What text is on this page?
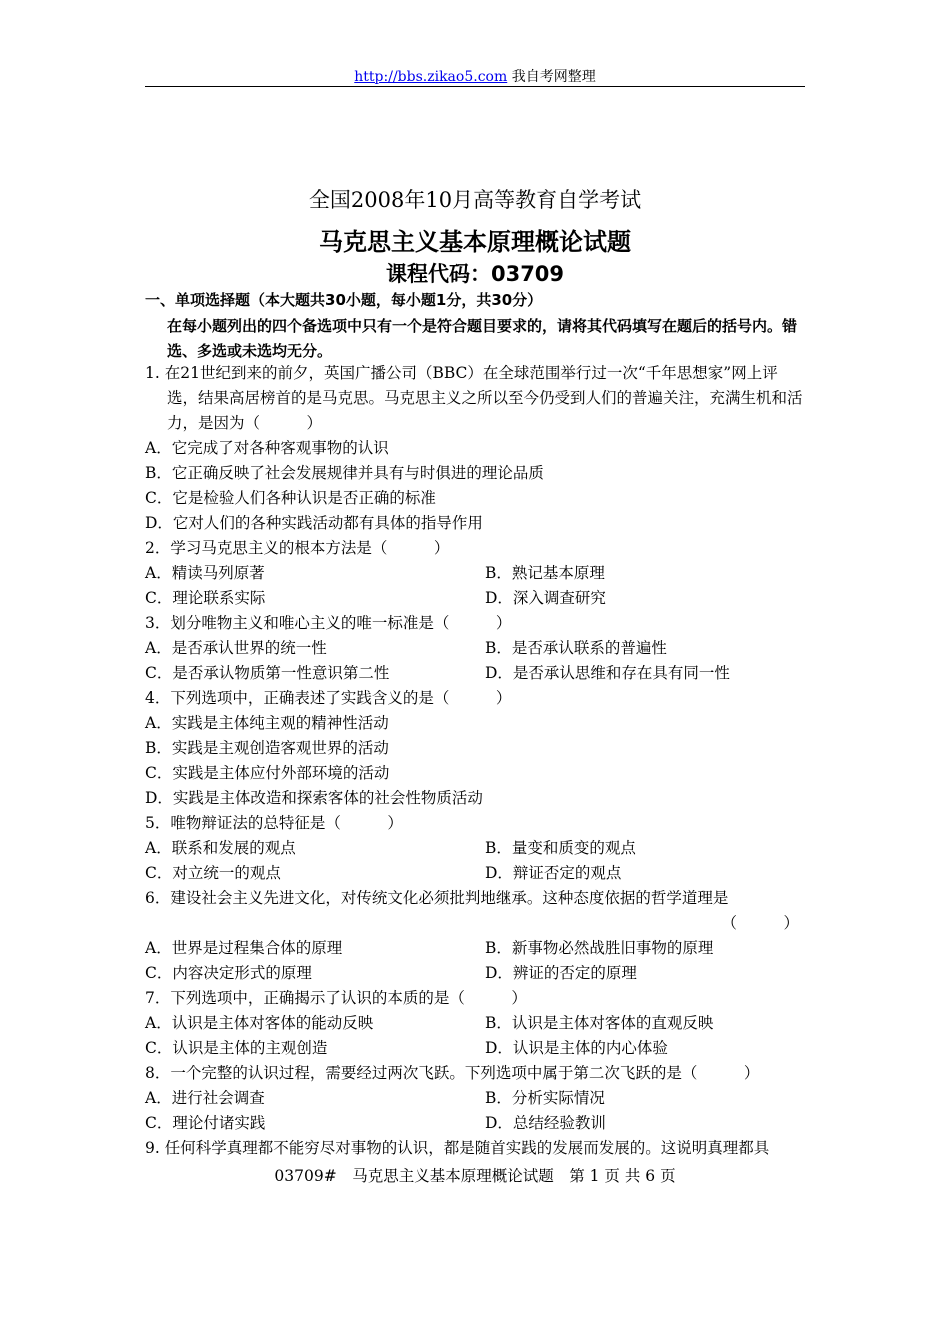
http://bbs.zikao5.com 我自考网整理
全国2008年10月高等教育自学考试
马克思主义基本原理概论试题
课程代码：03709
一、单项选择题（本大题共30小题，每小题1分，共30分）
在每小题列出的四个备选项中只有一个是符合题目要求的，请将其代码填写在题后的括号内。错选、多选或未选均无分。
1. 在21世纪到来的前夕，英国广播公司（BBC）在全球范围举行过一次“千年思想家”网上评选，结果高居榜首的是马克思。马克思主义之所以至今仍受到人们的普遍关注，充满生机和活力，是因为（　　　）
A．它完成了对各种客观事物的认识
B．它正确反映了社会发展规律并具有与时俱进的理论品质
C．它是检验人们各种认识是否正确的标准
D．它对人们的各种实践活动都有具体的指导作用
2．学习马克思主义的根本方法是（　　　）
A．精读马列原著	B．熟记基本原理
C．理论联系实际	D．深入调查研究
3．划分唯物主义和唯心主义的唯一标准是（　　　）
A．是否承认世界的统一性	B．是否承认联系的普遍性
C．是否承认物质第一性意识第二性	D．是否承认思维和存在具有同一性
4．下列选项中，正确表述了实践含义的是（　　　）
A．实践是主体纯主观的精神性活动
B．实践是主观创造客观世界的活动
C．实践是主体应付外部环境的活动
D．实践是主体改造和探索客体的社会性物质活动
5．唯物辩证法的总特征是（　　　）
A．联系和发展的观点	B．量变和质变的观点
C．对立统一的观点	D．辩证否定的观点
6．建设社会主义先进文化，对传统文化必须批判地继承。这种态度依据的哲学道理是
（　　　）
A．世界是过程集合体的原理	B．新事物必然战胜旧事物的原理
C．内容决定形式的原理	D．辨证的否定的原理
7．下列选项中，正确揭示了认识的本质的是（　　　）
A．认识是主体对客体的能动反映	B．认识是主体对客体的直观反映
C．认识是主体的主观创造	D．认识是主体的内心体验
8．一个完整的认识过程，需要经过两次飞跃。下列选项中属于第二次飞跃的是（　　　）
A．进行社会调查	B．分析实际情况
C．理论付诸实践	D．总结经验教训
9. 任何科学真理都不能穷尽对事物的认识，都是随首实践的发展而发展的。这说明真理都具
03709#　马克思主义基本原理概论试题　第 1 页 共 6 页
